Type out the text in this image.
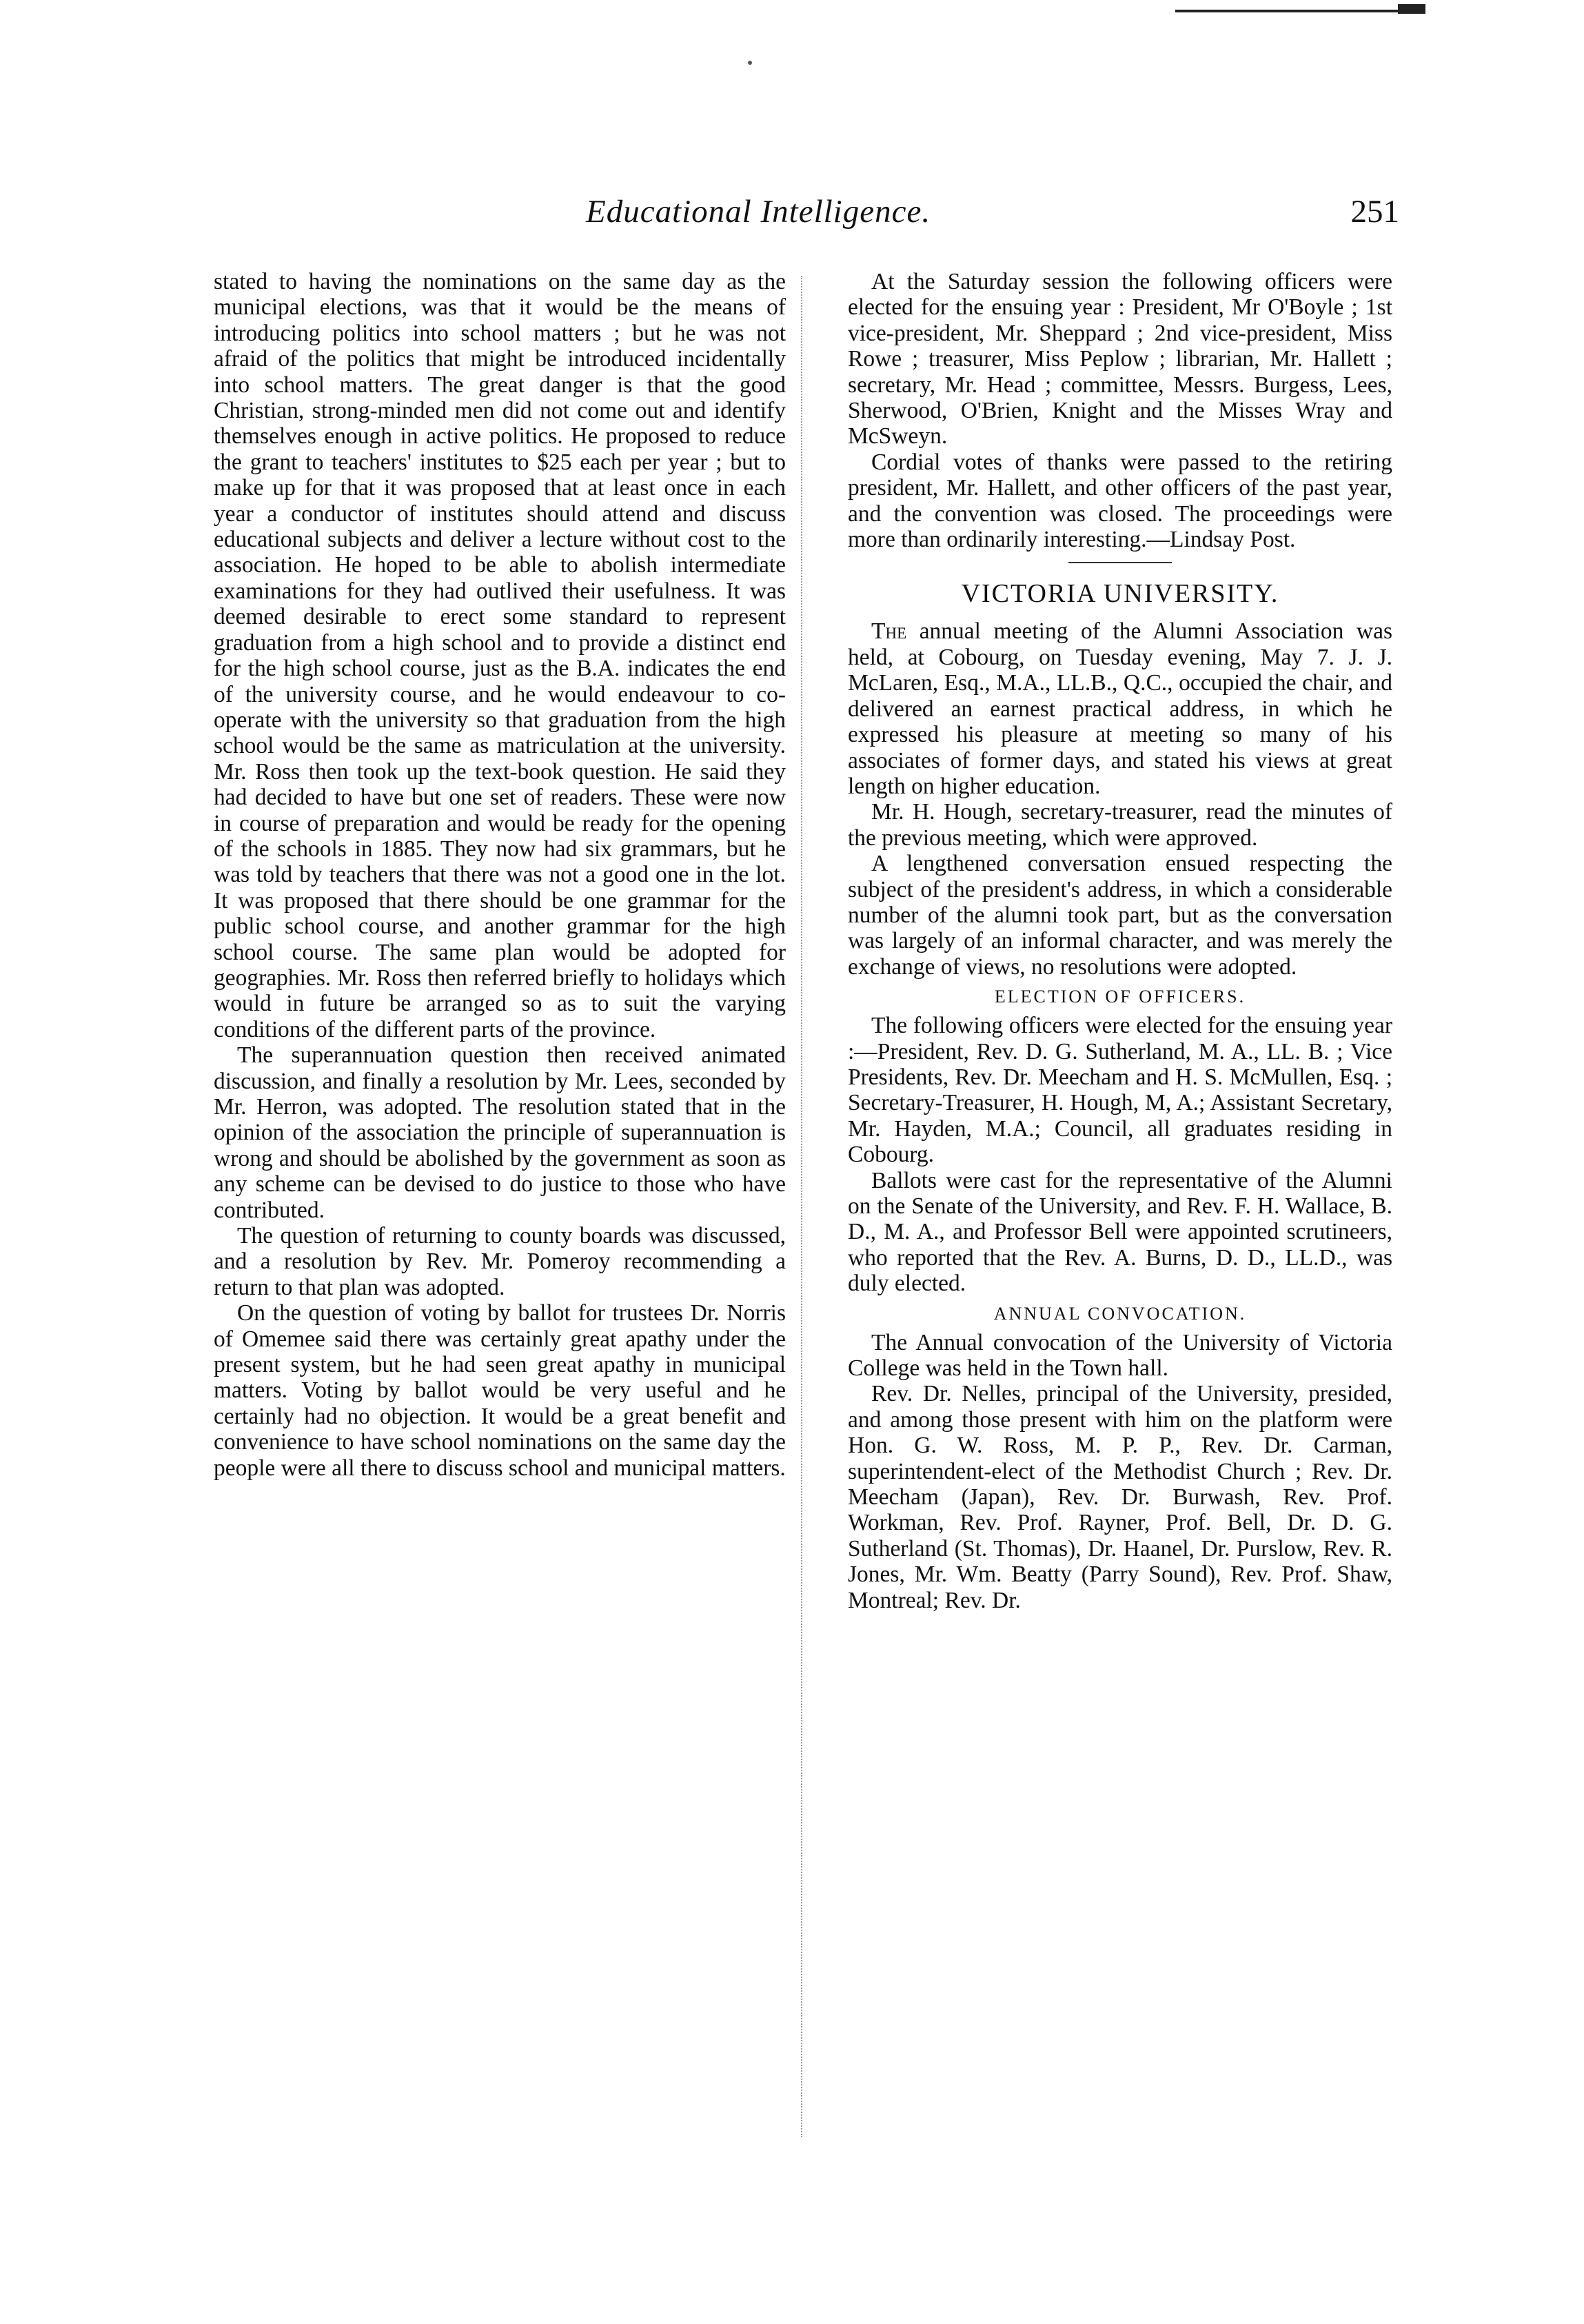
Educational Intelligence.	251

stated to having the nominations on the same day as the municipal elections, was that it would be the means of introducing politics into school matters ; but he was not afraid of the politics that might be introduced incidentally into school matters. The great danger is that the good Christian, strong-minded men did not come out and identify themselves enough in active politics. He proposed to reduce the grant to teachers' institutes to $25 each per year ; but to make up for that it was proposed that at least once in each year a conductor of institutes should attend and discuss educational subjects and deliver a lecture without cost to the association. He hoped to be able to abolish intermediate examinations for they had outlived their usefulness. It was deemed desirable to erect some standard to represent graduation from a high school and to provide a distinct end for the high school course, just as the B.A. indicates the end of the university course, and he would endeavour to co-operate with the university so that graduation from the high school would be the same as matriculation at the university. Mr. Ross then took up the text-book question. He said they had decided to have but one set of readers. These were now in course of preparation and would be ready for the opening of the schools in 1885. They now had six grammars, but he was told by teachers that there was not a good one in the lot. It was proposed that there should be one grammar for the public school course, and another grammar for the high school course. The same plan would be adopted for geographies. Mr. Ross then referred briefly to holidays which would in future be arranged so as to suit the varying conditions of the different parts of the province.

The superannuation question then received animated discussion, and finally a resolution by Mr. Lees, seconded by Mr. Herron, was adopted. The resolution stated that in the opinion of the association the principle of superannuation is wrong and should be abolished by the government as soon as any scheme can be devised to do justice to those who have contributed.

The question of returning to county boards was discussed, and a resolution by Rev. Mr. Pomeroy recommending a return to that plan was adopted.

On the question of voting by ballot for trustees Dr. Norris of Omemee said there was certainly great apathy under the present system, but he had seen great apathy in municipal matters. Voting by ballot would be very useful and he certainly had no objection. It would be a great benefit and convenience to have school nominations on the same day the people were all there to discuss school and municipal matters.

At the Saturday session the following officers were elected for the ensuing year : President, Mr O'Boyle ; 1st vice-president, Mr. Sheppard ; 2nd vice-president, Miss Rowe ; treasurer, Miss Peplow ; librarian, Mr. Hallett ; secretary, Mr. Head ; committee, Messrs. Burgess, Lees, Sherwood, O'Brien, Knight and the Misses Wray and McSweyn.

Cordial votes of thanks were passed to the retiring president, Mr. Hallett, and other officers of the past year, and the convention was closed. The proceedings were more than ordinarily interesting.—Lindsay Post.

VICTORIA UNIVERSITY.

The annual meeting of the Alumni Association was held, at Cobourg, on Tuesday evening, May 7. J. J. McLaren, Esq., M.A., LL.B., Q.C., occupied the chair, and delivered an earnest practical address, in which he expressed his pleasure at meeting so many of his associates of former days, and stated his views at great length on higher education.

Mr. H. Hough, secretary-treasurer, read the minutes of the previous meeting, which were approved.

A lengthened conversation ensued respecting the subject of the president's address, in which a considerable number of the alumni took part, but as the conversation was largely of an informal character, and was merely the exchange of views, no resolutions were adopted.

ELECTION OF OFFICERS.

The following officers were elected for the ensuing year :—President, Rev. D. G. Sutherland, M. A., LL. B. ; Vice Presidents, Rev. Dr. Meecham and H. S. McMullen, Esq. ; Secretary-Treasurer, H. Hough, M, A.; Assistant Secretary, Mr. Hayden, M.A.; Council, all graduates residing in Cobourg.

Ballots were cast for the representative of the Alumni on the Senate of the University, and Rev. F. H. Wallace, B. D., M. A., and Professor Bell were appointed scrutineers, who reported that the Rev. A. Burns, D. D., LL.D., was duly elected.

ANNUAL CONVOCATION.

The Annual convocation of the University of Victoria College was held in the Town hall.

Rev. Dr. Nelles, principal of the University, presided, and among those present with him on the platform were Hon. G. W. Ross, M. P. P., Rev. Dr. Carman, superintendent-elect of the Methodist Church ; Rev. Dr. Meecham (Japan), Rev. Dr. Burwash, Rev. Prof. Workman, Rev. Prof. Rayner, Prof. Bell, Dr. D. G. Sutherland (St. Thomas), Dr. Haanel, Dr. Purslow, Rev. R. Jones, Mr. Wm. Beatty (Parry Sound), Rev. Prof. Shaw, Montreal; Rev. Dr.
